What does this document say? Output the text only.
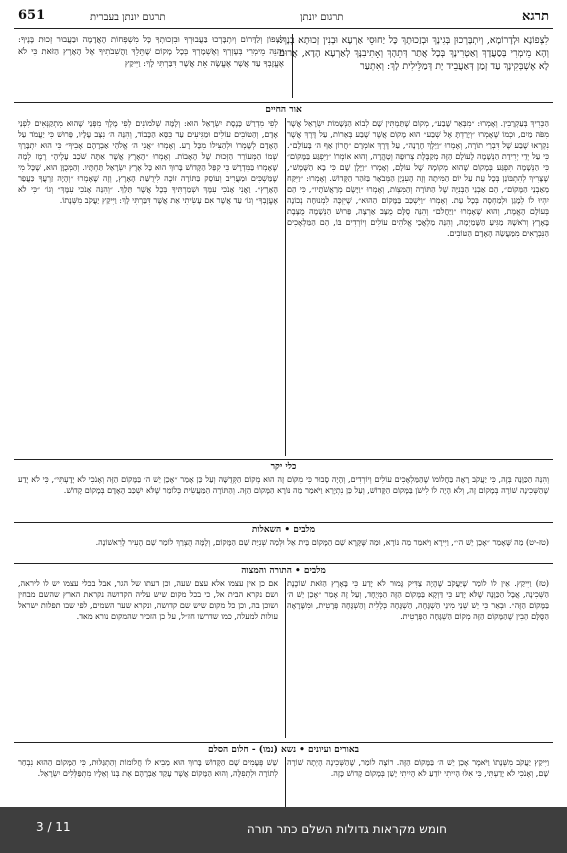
תרגא
תרגום יונתן
תרגום יונתן בעברית
651
לִצְפוֹנָא וּלְדָרוֹמָא, וְיִתְבָּרְכוּן בְּגִינָךְ וּבְזַכוּתָךְ כָּל יַחוּסֵי אַרְעָא וּבְנִין זְכוּתָא בְנָךְ: וְהָא מֵימְרִי בְּסַעֲדָךְ וְאַטְרִינָךְ בְּכָל אֲתַר דְּתֵהָךְ וְאָתִיבִנָּךְ לְאַרְעָא הָדָא, אֲרוּם לָא אֶשְׁבְּקִינָךְ עַד זְמַן דְּאַעֲבֵיד יָת דְּמַלֵּילִית לָךְ: וְאִתְעַר
לַצָּפוֹן וְלַדָּרוֹם וְיִתְבָּרְכוּ בַּעֲבוּרְךָ וּבִזְכוּתְךָ כָּל מִשְׁפְּחוֹת הָאֲדָמָה וּבַעֲבוּר זְכוּת בָּנֶיךָ: וְהִנֵּה מֵימְרִי בְּעֶזְרְךָ וְאֶשְׁמָרְךָ בְּכָל מָקוֹם שֶׁתֵּלֵךְ וַהֲשִׁבֹתִיךָ אֶל הָאָרֶץ הַזֹּאת כִּי לֹא אֶעֱזָבְךָ עַד אֲשֶׁר אֶעֱשֶׂה אֵת אֲשֶׁר דִּבַּרְתִּי לָךְ: וַיִּיקַץ
אור החיים
הַכְּרִיךְ בְּעַקְרָבִין. וְאָמְרוּ: ״מִבְּאֵר שָׁבַע״, מְקוֹם שֶׁתַּמְתִּין שָׁם לְבוֹא הַנְּשָׁמוֹת יִשְׂרָאֵל אֲשֶׁר מִפֹּה מַיִם, וּכְמוֹ שֶׁאָמְרוּ ״וְיָרַדְתָּ אֶל שְׁבַע״ הוּא מָקוֹם אֲשֶׁר שֶׁבַע בְּאֵרוֹת, עַל דֶּרֶךְ אֲשֶׁר נִקְרְאוּ שֶׁבַע שֶׁל דִּבְרֵי תוֹרָה, וְאָמְרוּ ״וַיֵּלֶךְ חָרָנָה״, עַל דֶּרֶךְ אוֹמְרָם ״חֲרוֹן אַף ה׳ בָּעוֹלָם״. כִּי עַל יְדֵי יְרִידַת הַנְּשָׁמָה לָעוֹלָם הַזֶּה מְקַבֶּלֶת צְרוּפָה וְטָהֳרָה, וְהוּא אוֹמְרוֹ ״וַיִּפְגַּע בַּמָּקוֹם״ כִּי הַנְּשָׁמָה תִּפְגַּע בְּמָקוֹם שֶׁהוּא מְקוֹמָהּ שֶׁל עוֹלָם, וְאָמְרוּ ״וַיָּלֶן שָׁם כִּי בָא הַשֶּׁמֶשׁ״, שֶׁצָּרִיךְ לְהִתְבּוֹנֵן בְּכָל עֵת עַל יוֹם הַמִּיתָה וְזֶה הָעִנְיָן הַמְּבֹאָר בַּזֹּהַר הַקָּדוֹשׁ. וְאָמְרוּ: ״וַיִּקַּח מֵאַבְנֵי הַמָּקוֹם״, הֵם אַבְנֵי הַבְּנִיָּה שֶׁל הַתּוֹרָה וְהַמִּצְוֹת, וְאָמְרוּ ״וַיָּשֶׂם מְרַאֲשֹׁתָיו״, כִּי הֵם יִהְיוּ לוֹ לְמָגֵן וּלְמַחְסֶה בְּכָל עֵת. וְאָמְרוּ ״וַיִּשְׁכַּב בַּמָּקוֹם הַהוּא״, שֶׁיִּזְכֶּה לִמְנוּחָה נְכוֹנָה בְּעוֹלָם הָאֱמֶת, וְהוּא שֶׁאָמְרוּ ״וַיַּחֲלֹם״ וְהִנֵּה סֻלָּם מֻצָּב אַרְצָה, פֵּרוּשׁ הַנְּשָׁמָה מֻצֶּבֶת בָּאָרֶץ וְרֹאשָׁהּ מַגִּיעַ הַשָּׁמַיְמָה, וְהִנֵּה מַלְאֲכֵי אֱלֹהִים עוֹלִים וְיוֹרְדִים בּוֹ, הֵם הַמַּלְאָכִים הַנִּבְרָאִים מִמַּעֲשֵׂה הָאָדָם הַטּוֹבִים.
לְפִי מִדְרַשׁ כָּנֶסֶת יִשְׂרָאֵל הוּא: וְלָמָּה שְׁלֹמוֹנִים לְפִי מֶלֶךְ מִפְּנֵי שֶׁהוּא מִתְקַנְּאִים לִפְנֵי אָדָם, וְהַטּוֹבִים עוֹלִים וּמַגִּיעִים עַד כִּסֵּא הַכָּבוֹד, וְהִנֵּה ה׳ נִצָּב עָלָיו, פֵּרוּשׁ כִּי יַעֲמֹד עַל הָאָדָם לְשָׁמְרוֹ וּלְהַצִּילוֹ מִכָּל רָע. וְאָמְרוּ ״אֲנִי ה׳ אֱלֹהֵי אַבְרָהָם אָבִיךָ״ כִּי הוּא יִתְבָּרַךְ שְׁמוֹ הַמְּעוֹרֵר הַזְּכוּת שֶׁל הָאָבוֹת. וְאָמְרוּ ״הָאָרֶץ אֲשֶׁר אַתָּה שֹׁכֵב עָלֶיהָ״ רֶמֶז לְמָה שֶׁאָמְרוּ בַּמִּדְרָשׁ כִּי קִפֵּל הַקָּדוֹשׁ בָּרוּךְ הוּא כָּל אֶרֶץ יִשְׂרָאֵל תַּחְתָּיו. וְהַמְּכֻוָּן הוּא, שֶׁכָּל מִי שֶׁמַּשְׁכִּים וּמַעֲרִיב וְעוֹסֵק בַּתּוֹרָה זוֹכֶה לִירֻשַּׁת הָאָרֶץ, וְזֶה שֶׁאָמְרוּ ״וְהָיָה זַרְעֲךָ כַּעֲפַר הָאָרֶץ״. וַאֲנִי אָנֹכִי עִמָּךְ וּשְׁמַרְתִּיךָ בְּכָל אֲשֶׁר תֵּלֵךְ. ״וְהִנֵּה אָנֹכִי עִמָּךְ״ וְגוֹ׳ ״כִּי לֹא אֶעֱזָבְךָ״ וְגוֹ׳ עַד אֲשֶׁר אִם עָשִׂיתִי אֵת אֲשֶׁר דִּבַּרְתִּי לָךְ: וַיִּיקַץ יַעֲקֹב מִשְּׁנָתוֹ.
כלי יקר
וְהִנֵּה הַכַּוָּנָה בְּזֶה, כִּי יַעֲקֹב רָאָה בַּחֲלוֹמוֹ שֶׁהַמַּלְאָכִים עוֹלִים וְיוֹרְדִים, וְהָיָה סָבוּר כִּי מִקּוֹם זֶה הוּא מְקוֹם הַקְּדֻשָּׁה וְעַל כֵּן אָמַר ״אָכֵן יֵשׁ ה׳ בַּמָּקוֹם הַזֶּה וְאָנֹכִי לֹא יָדָעְתִּי״, כִּי לֹא יָדַע שֶׁהַשְּׁכִינָה שׁוֹרָה בְּמָקוֹם זֶה, וְלֹא הָיָה לוֹ לִישֹׁן בַּמָּקוֹם הַקָּדוֹשׁ, וְעַל כֵּן נִתְיָרֵא וַיֹּאמַר מַה נּוֹרָא הַמָּקוֹם הַזֶּה. וְהַתּוֹרָה הַמַּעֲשִׂית כְּלוֹמַר שֶׁלֹּא יִשְׁכַּב הָאָדָם בְּמָקוֹם קָדוֹשׁ.
מלבים • השאלות
(טז-יט) מַה שֶּׁאָמַר ״אָכֵן יֵשׁ ה׳״, וַיִּירָא וַיֹּאמַר מַה נּוֹרָא, וּמַה שֶּׁקָּרָא שֵׁם הַמָּקוֹם בֵּית אֵל וּלְמַה שְׁנִיַּת שֵׁם הַמָּקוֹם, וְלָמָּה הֻצְרַךְ לוֹמַר שֵׁם הָעִיר לָרִאשׁוֹנָה.
מלבים • התורה והמצוה
(טז) וַיִּיקַץ. אֵין לוֹ לוֹמַר שֶׁיַּעֲקֹב שֶׁהָיָה צַדִּיק גָּמוּר לֹא יָדַע כִּי בָּאָרֶץ הַזֹּאת שׁוֹכֶנֶת הַשְּׁכִינָה, אֲבָל הַכַּוָּנָה שֶׁלֹּא יָדַע כִּי דַּוְקָא בַּמָּקוֹם הַזֶּה הַמְּיֻחָד, וְעַל זֶה אָמַר ״אָכֵן יֵשׁ ה׳ בַּמָּקוֹם הַזֶּה״. וּבְאֵר כִּי יֵשׁ שְׁנֵי מִינֵי הַשְׁגָּחָה, הַשְׁגָּחָה כְּלָלִית וְהַשְׁגָּחָה פְּרָטִית, וּמִשֶּׁרָאָה הַסֻּלָּם הֵבִין שֶׁהַמָּקוֹם הַזֶּה מְקוֹם הַשְׁגָּחָה הַפְּרָטִית.
אם כן אין עצמו אלא עצם שעה, וכן דעתו של הגר, אבל בכלי עצמו יש לו ליראה, ושם נקרא הבית אל, כי בכל מקום שיש עליה הקדושה נקראת הארץ שהשם מבחין ושוכן בה, וכן כל מקום שיש שם קדושה, ונקרא שער השמים, לפי שבו תפלות ישראל עולות למעלה, כמו שדרשו חז״ל, על כן הזכיר שהמקום נורא מאד.
באורים ועיונים • נשא (נמו) - חלום הסלם
וַיִּיקַץ יַעֲקֹב מִשְּׁנָתוֹ וַיֹּאמֶר אָכֵן יֵשׁ ה׳ בַּמָּקוֹם הַזֶּה. רוֹצֶה לוֹמַר, שֶׁהַשְּׁכִינָה הָיְתָה שׁוֹרָה שָׁם, וְאָנֹכִי לֹא יָדַעְתִּי, כִּי אִלּוּ הָיִיתִי יוֹדֵעַ לֹא הָיִיתִי יָשֵׁן בְּמָקוֹם קָדוֹשׁ כָּזֶה.
שֵׁשׁ פְּעָמִים שָׁם הַקָּדוֹשׁ בָּרוּךְ הוּא מֵבִיא לוֹ חֲלוֹמוֹת וְהַתְגַּלּוּת, כִּי הַמָּקוֹם הַהוּא נִבְחַר לְתוֹרָה וּלְתְפִלָּה, וְהוּא הַמָּקוֹם אֲשֶׁר עָקַד אַבְרָהָם אֶת בְּנוֹ וְאֵלָיו מִתְפַּלְּלִים יִשְׂרָאֵל.
חומש מקראות גדולות השלם כתר תורה
3 / 11
